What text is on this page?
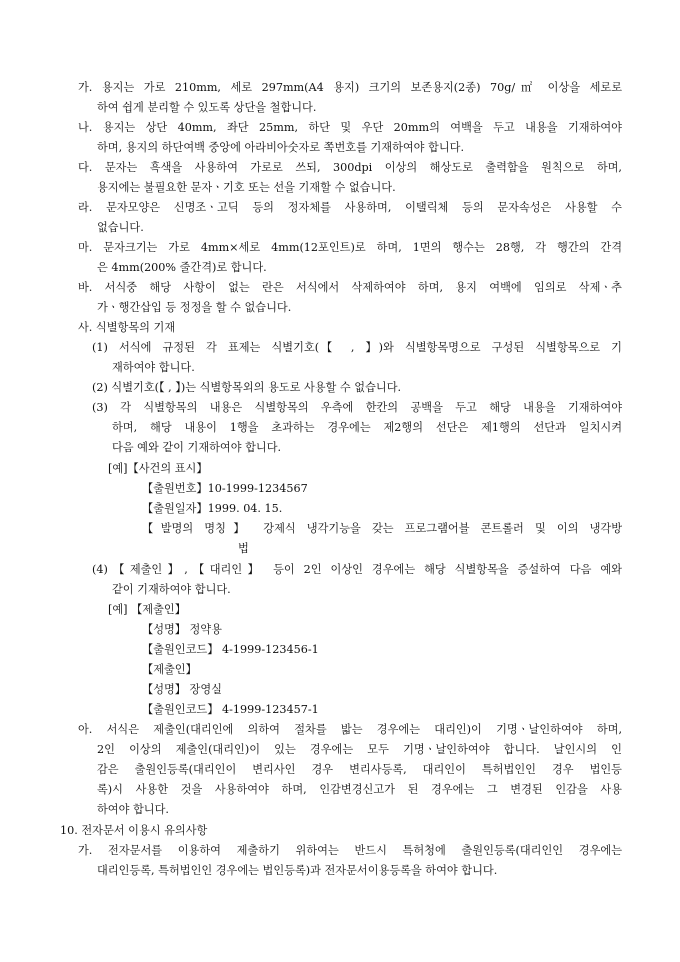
가. 용지는 가로 210mm, 세로 297mm(A4 용지) 크기의 보존용지(2종) 70g/㎡ 이상을 세로로
하여 쉽게 분리할 수 있도록 상단을 철합니다.
나. 용지는 상단 40mm, 좌단 25mm, 하단 및 우단 20mm의 여백을 두고 내용을 기재하여야
하며, 용지의 하단여백 중앙에 아라비아숫자로 쪽번호를 기재하여야 합니다.
다. 문자는 흑색을 사용하여 가로로 쓰되, 300dpi 이상의 해상도로 출력함을 원칙으로 하며,
용지에는 불필요한 문자ㆍ기호 또는 선을 기재할 수 없습니다.
라. 문자모양은 신명조ㆍ고딕 등의 정자체를 사용하며, 이탤릭체 등의 문자속성은 사용할 수
없습니다.
마. 문자크기는 가로 4mm×세로 4mm(12포인트)로 하며, 1면의 행수는 28행, 각 행간의 간격
은 4mm(200% 줄간격)로 합니다.
바. 서식중 해당 사항이 없는 란은 서식에서 삭제하여야 하며, 용지 여백에 임의로 삭제ㆍ추
가ㆍ행간삽입 등 정정을 할 수 없습니다.
사. 식별항목의 기재
(1) 서식에 규정된 각 표제는 식별기호(【 , 】)와 식별항목명으로 구성된 식별항목으로 기
재하여야 합니다.
(2) 식별기호(【 , 】)는 식별항목외의 용도로 사용할 수 없습니다.
(3) 각 식별항목의 내용은 식별항목의 우측에 한칸의 공백을 두고 해당 내용을 기재하여야
하며, 해당 내용이 1행을 초과하는 경우에는 제2행의 선단은 제1행의 선단과 일치시켜
다음 예와 같이 기재하여야 합니다.
[예]【사건의 표시】
【출원번호】10-1999-1234567
【출원일자】1999. 04. 15.
【발명의 명칭】 강제식 냉각기능을 갖는 프로그램어블 콘트롤러 및 이의 냉각방
법
(4)【제출인】,【대리인】 등이 2인 이상인 경우에는 해당 식별항목을 증설하여 다음 예와
같이 기재하여야 합니다.
[예] 【제출인】
【성명】 정약용
【출원인코드】 4-1999-123456-1
【제출인】
【성명】 장영실
【출원인코드】 4-1999-123457-1
아. 서식은 제출인(대리인에 의하여 절차를 밟는 경우에는 대리인)이 기명ㆍ날인하여야 하며,
2인 이상의 제출인(대리인)이 있는 경우에는 모두 기명ㆍ날인하여야 합니다. 날인시의 인
감은 출원인등록(대리인이 변리사인 경우 변리사등록, 대리인이 특허법인인 경우 법인등
록)시 사용한 것을 사용하여야 하며, 인감변경신고가 된 경우에는 그 변경된 인감을 사용
하여야 합니다.
10. 전자문서 이용시 유의사항
가. 전자문서를 이용하여 제출하기 위하여는 반드시 특허청에 출원인등록(대리인인 경우에는
대리인등록, 특허법인인 경우에는 법인등록)과 전자문서이용등록을 하여야 합니다.
